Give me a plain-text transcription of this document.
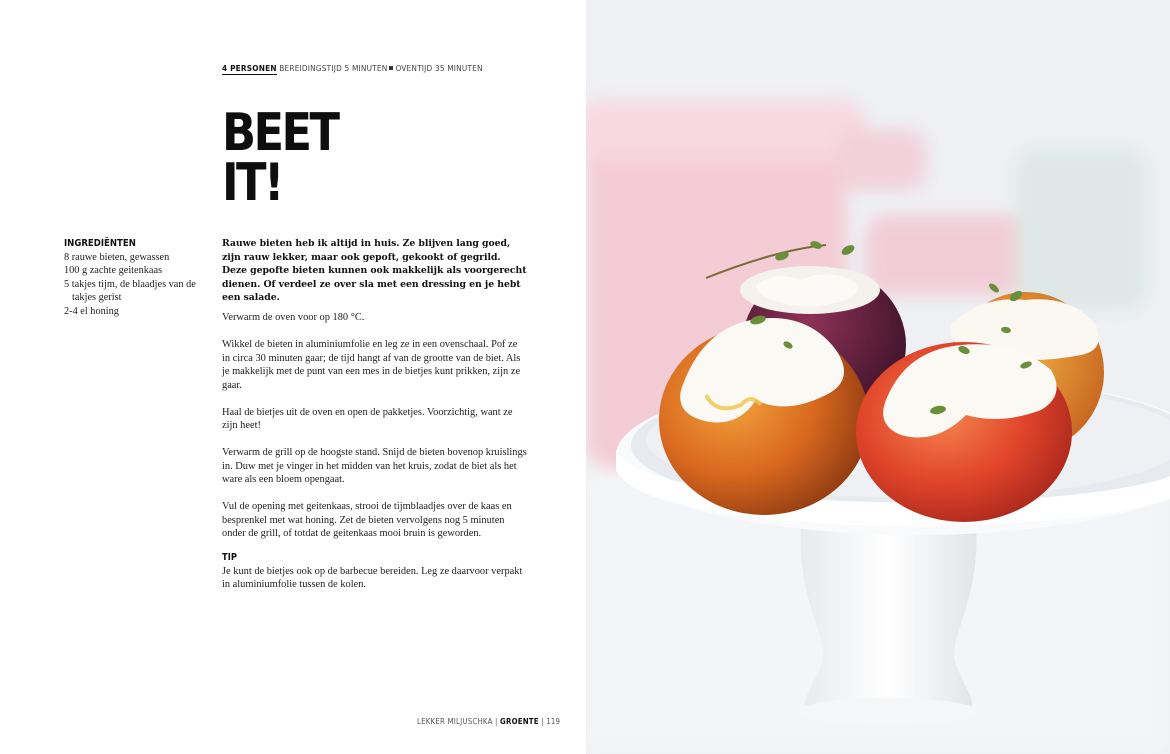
4 PERSONEN BEREIDINGSTIJD 5 MINUTEN OVENTIJD 35 MINUTEN
BEET
IT!
INGREDIËNTEN
8 rauwe bieten, gewassen
100 g zachte geitenkaas
5 takjes tijm, de blaadjes van de takjes gerist
2-4 el honing
Rauwe bieten heb ik altijd in huis. Ze blijven lang goed, zijn rauw lekker, maar ook gepoft, gekookt of gegrild. Deze gepofte bieten kunnen ook makkelijk als voorgerecht dienen. Of verdeel ze over sla met een dressing en je hebt een salade.

Verwarm de oven voor op 180 °C.

Wikkel de bieten in aluminiumfolie en leg ze in een ovenschaal. Pof ze in circa 30 minuten gaar; de tijd hangt af van de grootte van de biet. Als je makkelijk met de punt van een mes in de bietjes kunt prikken, zijn ze gaar.

Haal de bietjes uit de oven en open de pakketjes. Voorzichtig, want ze zijn heet!

Verwarm de grill op de hoogste stand. Snijd de bieten bovenop kruislings in. Duw met je vinger in het midden van het kruis, zodat de biet als het ware als een bloem opengaat.

Vul de opening met geitenkaas, strooi de tijmblaadjes over de kaas en besprenkel met wat honing. Zet de bieten vervolgens nog 5 minuten onder de grill, of totdat de geitenkaas mooi bruin is geworden.

TIP

Je kunt de bietjes ook op de barbecue bereiden. Leg ze daarvoor verpakt in aluminiumfolie tussen de kolen.

LEKKER MILJUSCHKA | GROENTE | 119
